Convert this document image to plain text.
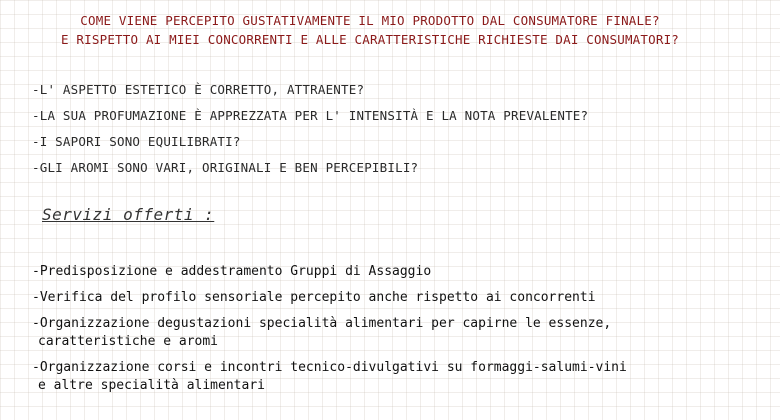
COME VIENE PERCEPITO GUSTATIVAMENTE IL MIO PRODOTTO DAL CONSUMATORE FINALE?
E RISPETTO AI MIEI CONCORRENTI E ALLE CARATTERISTICHE RICHIESTE DAI CONSUMATORI?
-L' ASPETTO ESTETICO È CORRETTO, ATTRAENTE?
-LA SUA PROFUMAZIONE È APPREZZATA PER L' INTENSITÀ E LA NOTA PREVALENTE?
-I SAPORI SONO EQUILIBRATI?
-GLI AROMI SONO VARI, ORIGINALI E BEN PERCEPIBILI?
Servizi offerti :
-Predisposizione e addestramento Gruppi di Assaggio
-Verifica del profilo sensoriale percepito anche rispetto ai concorrenti
-Organizzazione degustazioni specialità alimentari per capirne le essenze,
caratteristiche e aromi
-Organizzazione corsi e incontri tecnico-divulgativi su formaggi-salumi-vini
e altre specialità alimentari
